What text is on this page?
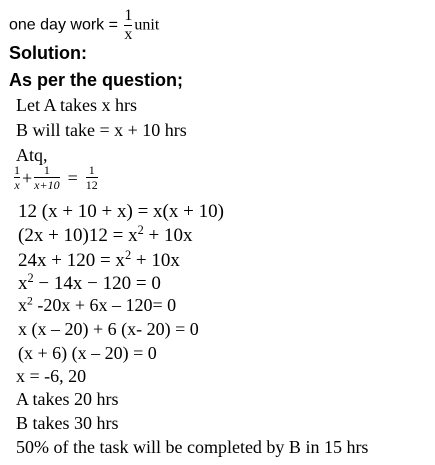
one day work = $\frac{1}{x}$ unit
Solution:
As per the question;
Let A takes x hrs
B will take = x + 10 hrs
Atq,
$\frac{1}{x} + \frac{1}{x+10} = \frac{1}{12}$
12 (x + 10 + x) = x(x + 10)
$(2x + 10)12 = x^2 + 10x$
$24x + 120 = x^2 + 10x$
$x^2 - 14x - 120 = 0$
$x^2$ -20x + 6x – 120= 0
x (x – 20) + 6 (x- 20) = 0
(x + 6) (x – 20) = 0
x = -6, 20
A takes 20 hrs
B takes 30 hrs
50% of the task will be completed by B in 15 hrs
